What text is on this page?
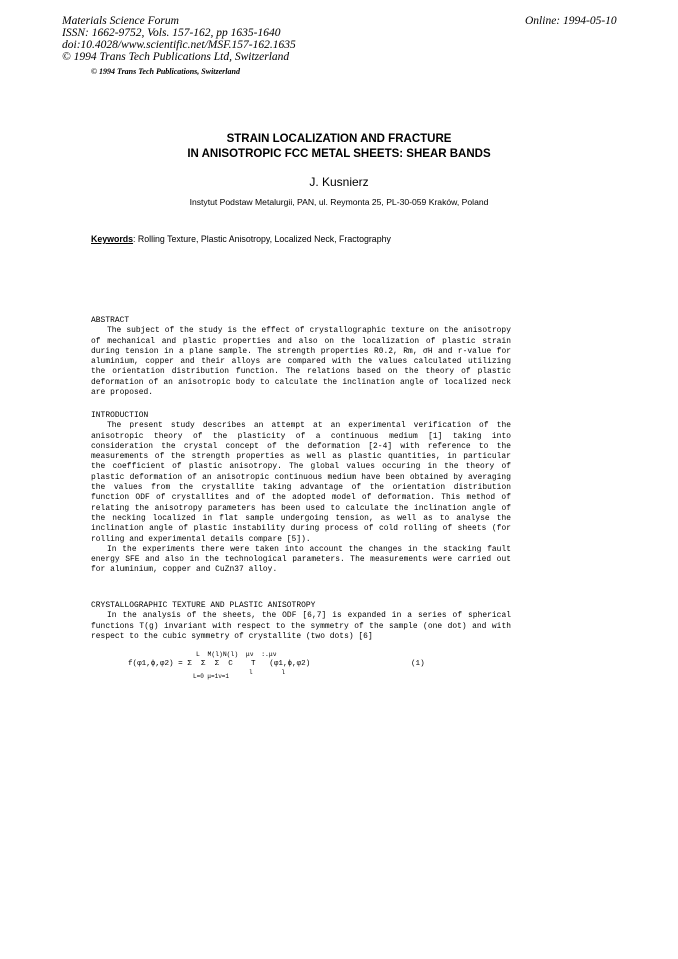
Materials Science Forum	Online: 1994-05-10
ISSN: 1662-9752, Vols. 157-162, pp 1635-1640
doi:10.4028/www.scientific.net/MSF.157-162.1635
© 1994 Trans Tech Publications Ltd, Switzerland
© 1994 Trans Tech Publications, Switzerland
STRAIN LOCALIZATION AND FRACTURE
IN ANISOTROPIC FCC METAL SHEETS: SHEAR BANDS
J. Kusnierz
Instytut Podstaw Metalurgii, PAN, ul. Reymonta 25, PL-30-059 Kraków, Poland
Keywords: Rolling Texture, Plastic Anisotropy, Localized Neck, Fractography

ABSTRACT

The subject of the study is the effect of crystallographic texture on the anisotropy of mechanical and plastic properties and also on the localization of plastic strain during tension in a plane sample. The strength properties R0.2, Rm, σH and r-value for aluminium, copper and their alloys are compared with the values calculated utilizing the orientation distribution function. The relations based on the theory of plastic deformation of an anisotropic body to calculate the inclination angle of localized neck are proposed.

INTRODUCTION

The present study describes an attempt at an experimental verification of the anisotropic theory of the plasticity of a continuous medium [1] taking into consideration the crystal concept of the deformation [2-4] with reference to the measurements of the strength properties as well as plastic quantities, in particular the coefficient of plastic anisotropy. The global values occuring in the theory of plastic deformation of an anisotropic continuous medium have been obtained by averaging the values from the crystallite taking advantage of the orientation distribution function ODF of crystallites and of the adopted model of deformation. This method of relating the anisotropy parameters has been used to calculate the inclination angle of the necking localized in flat sample undergoing tension, as well as to analyse the inclination angle of plastic instability during process of cold rolling of sheets (for rolling and experimental details compare [5]).

In the experiments there were taken into account the changes in the stacking fault energy SFE and also in the technological parameters. The measurements were carried out for aluminium, copper and CuZn37 alloy.

CRYSTALLOGRAPHIC TEXTURE AND PLASTIC ANISOTROPY

In the analysis of the sheets, the ODF [6,7] is expanded in a series of spherical functions T(g) invariant with respect to the symmetry of the sample (one dot) and with respect to the cubic symmetry of crystallite (two dots) [6]

L  M(l)N(l)  μν  :.μν
f(φ1,ϕ,φ2) = Σ  Σ  Σ  C    T   (φ1,ϕ,φ2)
l        l
L=0 μ=1ν=1
(1)
